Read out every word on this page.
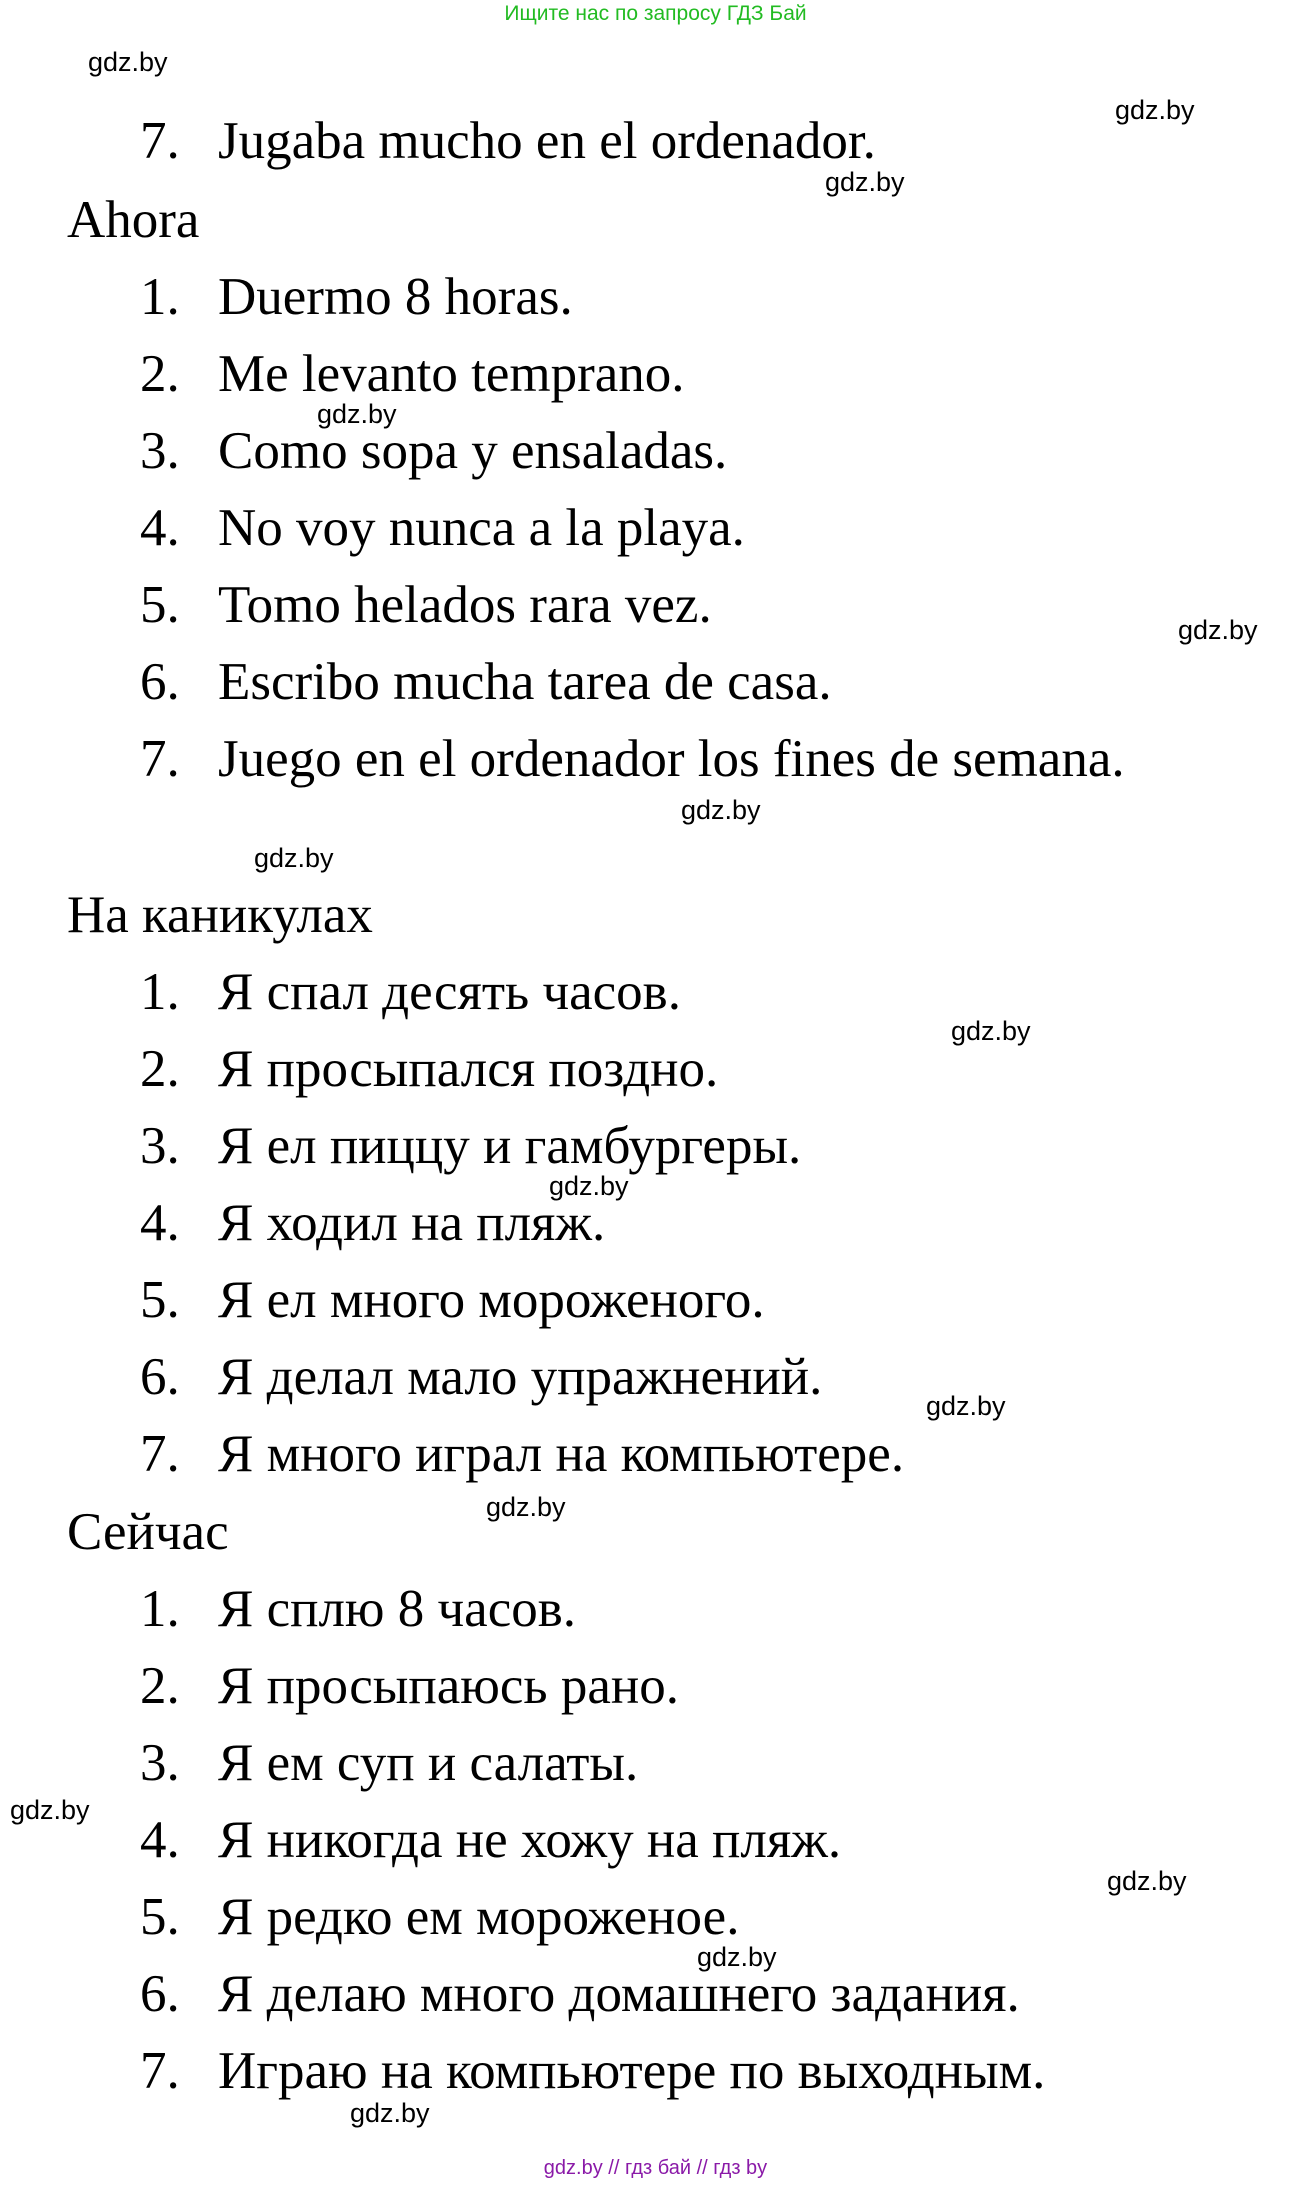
Ищите нас по запросу ГДЗ Бай
7. Jugaba mucho en el ordenador.
Ahora
1. Duermo 8 horas.
2. Me levanto temprano.
3. Como sopa y ensaladas.
4. No voy nunca a la playa.
5. Tomo helados rara vez.
6. Escribo mucha tarea de casa.
7. Juego en el ordenador los fines de semana.
На каникулах
1. Я спал десять часов.
2. Я просыпался поздно.
3. Я ел пиццу и гамбургеры.
4. Я ходил на пляж.
5. Я ел много мороженого.
6. Я делал мало упражнений.
7. Я много играл на компьютере.
Сейчас
1. Я сплю 8 часов.
2. Я просыпаюсь рано.
3. Я ем суп и салаты.
4. Я никогда не хожу на пляж.
5. Я редко ем мороженое.
6. Я делаю много домашнего задания.
7. Играю на компьютере по выходным.
gdz.by
gdz.by
gdz.by
gdz.by
gdz.by
gdz.by
gdz.by
gdz.by
gdz.by
gdz.by
gdz.by
gdz.by
gdz.by
gdz.by
gdz.by
gdz.by // гдз бай // гдз by
